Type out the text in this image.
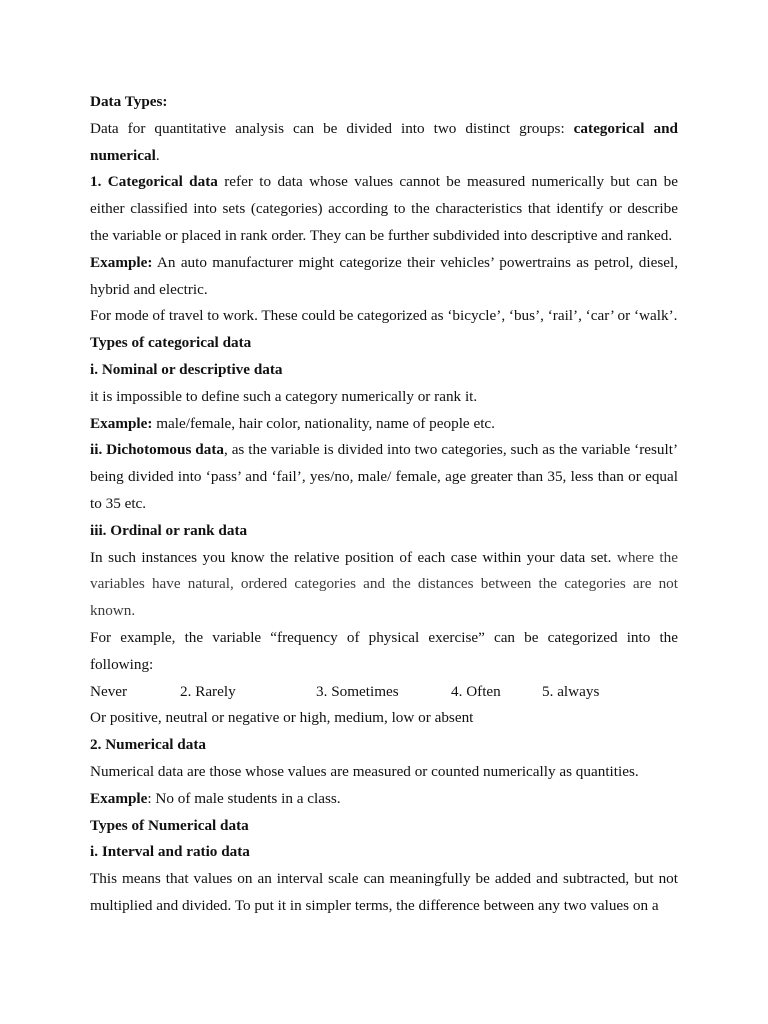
Data Types:

Data for quantitative analysis can be divided into two distinct groups: categorical and numerical.

1. Categorical data refer to data whose values cannot be measured numerically but can be either classified into sets (categories) according to the characteristics that identify or describe the variable or placed in rank order. They can be further subdivided into descriptive and ranked.

Example: An auto manufacturer might categorize their vehicles’ powertrains as petrol, diesel, hybrid and electric.

For mode of travel to work. These could be categorized as ‘bicycle’, ‘bus’, ‘rail’, ‘car’ or ‘walk’.

Types of categorical data

i. Nominal or descriptive data

it is impossible to define such a category numerically or rank it.

Example: male/female, hair color, nationality, name of people etc.

ii. Dichotomous data, as the variable is divided into two categories, such as the variable ‘result’ being divided into ‘pass’ and ‘fail’, yes/no, male/ female, age greater than 35, less than or equal to 35 etc.

iii. Ordinal or rank data

In such instances you know the relative position of each case within your data set. where the variables have natural, ordered categories and the distances between the categories are not known.

For example, the variable “frequency of physical exercise” can be categorized into the following:

Never	2. Rarely	3. Sometimes	4. Often	5. always

Or positive, neutral or negative or high, medium, low or absent

2. Numerical data

Numerical data are those whose values are measured or counted numerically as quantities.

Example: No of male students in a class.

Types of Numerical data

i. Interval and ratio data

This means that values on an interval scale can meaningfully be added and subtracted, but not multiplied and divided. To put it in simpler terms, the difference between any two values on a
